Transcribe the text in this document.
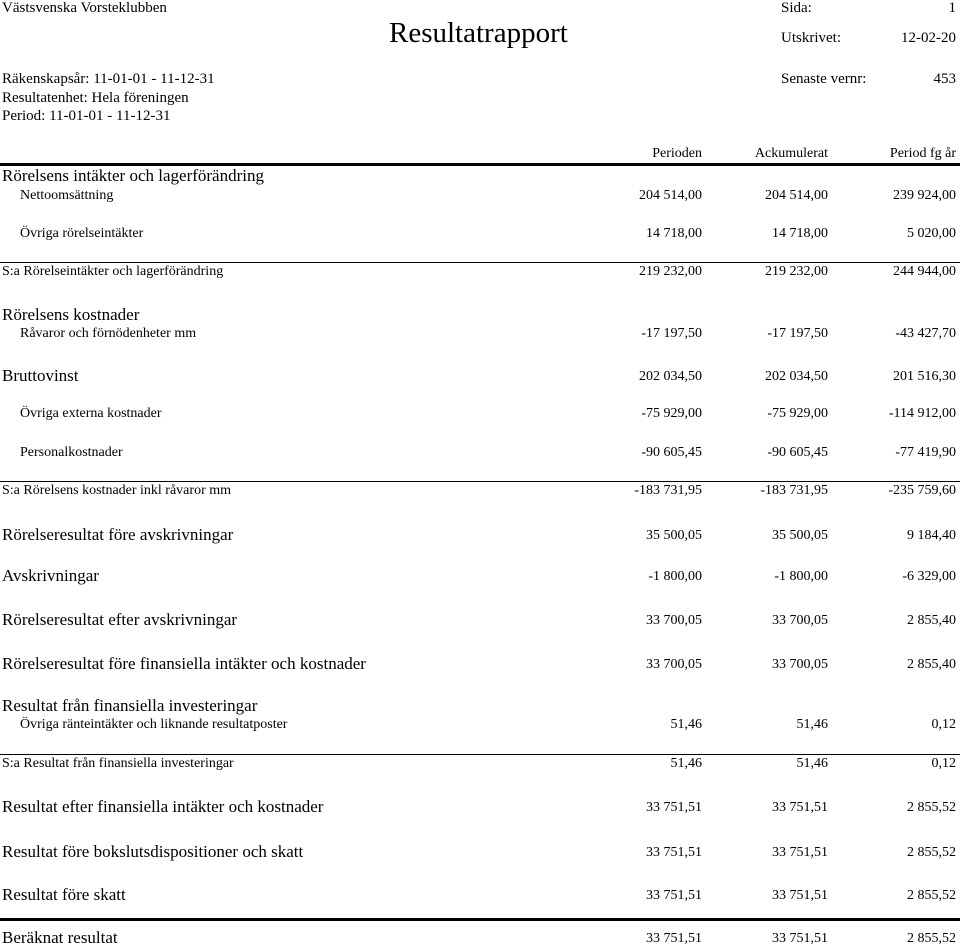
Västsvenska Vorsteklubben
Resultatrapport
Sida:	1
Utskrivet:	12-02-20
Räkenskapsår: 11-01-01 - 11-12-31
Resultatenhet: Hela föreningen
Period: 11-01-01 - 11-12-31
Senaste vernr:	453
Perioden	Ackumulerat	Period fg år
Rörelsens intäkter och lagerförändring
Nettoomsättning	204 514,00	204 514,00	239 924,00
Övriga rörelseintäkter	14 718,00	14 718,00	5 020,00
S:a Rörelseintäkter och lagerförändring	219 232,00	219 232,00	244 944,00
Rörelsens kostnader
Råvaror och förnödenheter mm	-17 197,50	-17 197,50	-43 427,70
Bruttovinst	202 034,50	202 034,50	201 516,30
Övriga externa kostnader	-75 929,00	-75 929,00	-114 912,00
Personalkostnader	-90 605,45	-90 605,45	-77 419,90
S:a Rörelsens kostnader inkl råvaror mm	-183 731,95	-183 731,95	-235 759,60
Rörelseresultat före avskrivningar	35 500,05	35 500,05	9 184,40
Avskrivningar	-1 800,00	-1 800,00	-6 329,00
Rörelseresultat efter avskrivningar	33 700,05	33 700,05	2 855,40
Rörelseresultat före finansiella intäkter och kostnader	33 700,05	33 700,05	2 855,40
Resultat från finansiella investeringar
Övriga ränteintäkter och liknande resultatposter	51,46	51,46	0,12
S:a Resultat från finansiella investeringar	51,46	51,46	0,12
Resultat efter finansiella intäkter och kostnader	33 751,51	33 751,51	2 855,52
Resultat före bokslutsdispositioner och skatt	33 751,51	33 751,51	2 855,52
Resultat före skatt	33 751,51	33 751,51	2 855,52
Beräknat resultat	33 751,51	33 751,51	2 855,52
